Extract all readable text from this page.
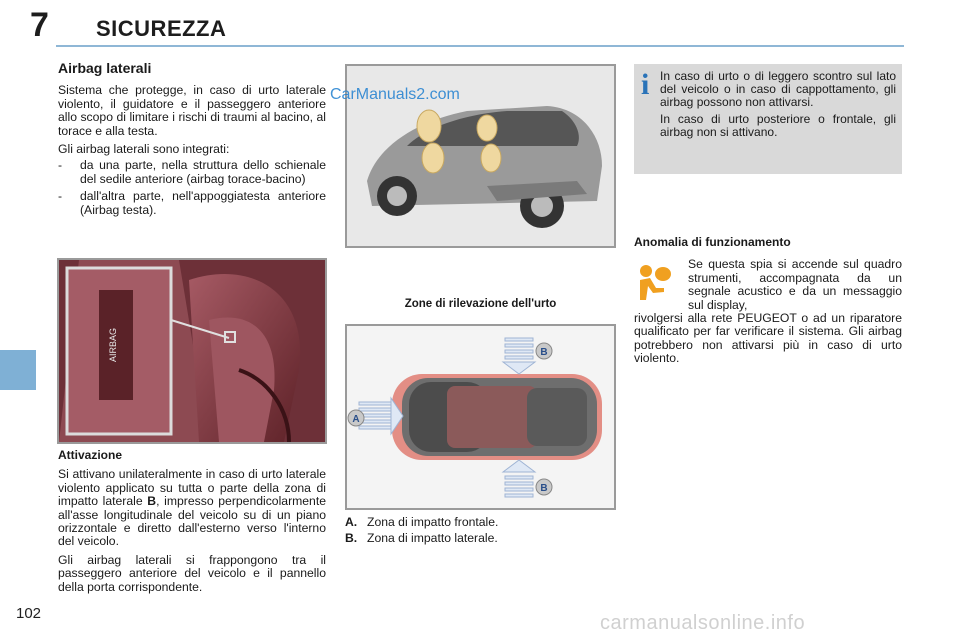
7 SICUREZZA
102
Airbag laterali

Sistema che protegge, in caso di urto laterale violento, il guidatore e il passeggero anteriore allo scopo di limitare i rischi di traumi al bacino, al torace e alla testa.

Gli airbag laterali sono integrati:

-	da una parte, nella struttura dello schienale del sedile anteriore (airbag torace-bacino)
-	dall'altra parte, nell'appoggiatesta anteriore (Airbag testa).
AIRBAG
Attivazione

Si attivano unilateralmente in caso di urto laterale violento applicato su tutta o parte della zona di impatto laterale B, impresso perpendicolarmente all'asse longitudinale del veicolo su di un piano orizzontale e diretto dall'esterno verso l'interno del veicolo.

Gli airbag laterali si frappongono tra il passeggero anteriore del veicolo e il pannello della porta corrispondente.

CarManuals2.com
Zone di rilevazione dell'urto
A
B
B
A. Zona di impatto frontale.
B. Zona di impatto laterale.
i In caso di urto o di leggero scontro sul lato del veicolo o in caso di cappottamento, gli airbag possono non attivarsi.

In caso di urto posteriore o frontale, gli airbag non si attivano.

Anomalia di funzionamento

Se questa spia si accende sul quadro strumenti, accompagnata da un segnale acustico e da un messaggio sul display,

rivolgersi alla rete PEUGEOT o ad un riparatore qualificato per far verificare il sistema. Gli airbag potrebbero non attivarsi più in caso di urto violento.

carmanualsonline.info
